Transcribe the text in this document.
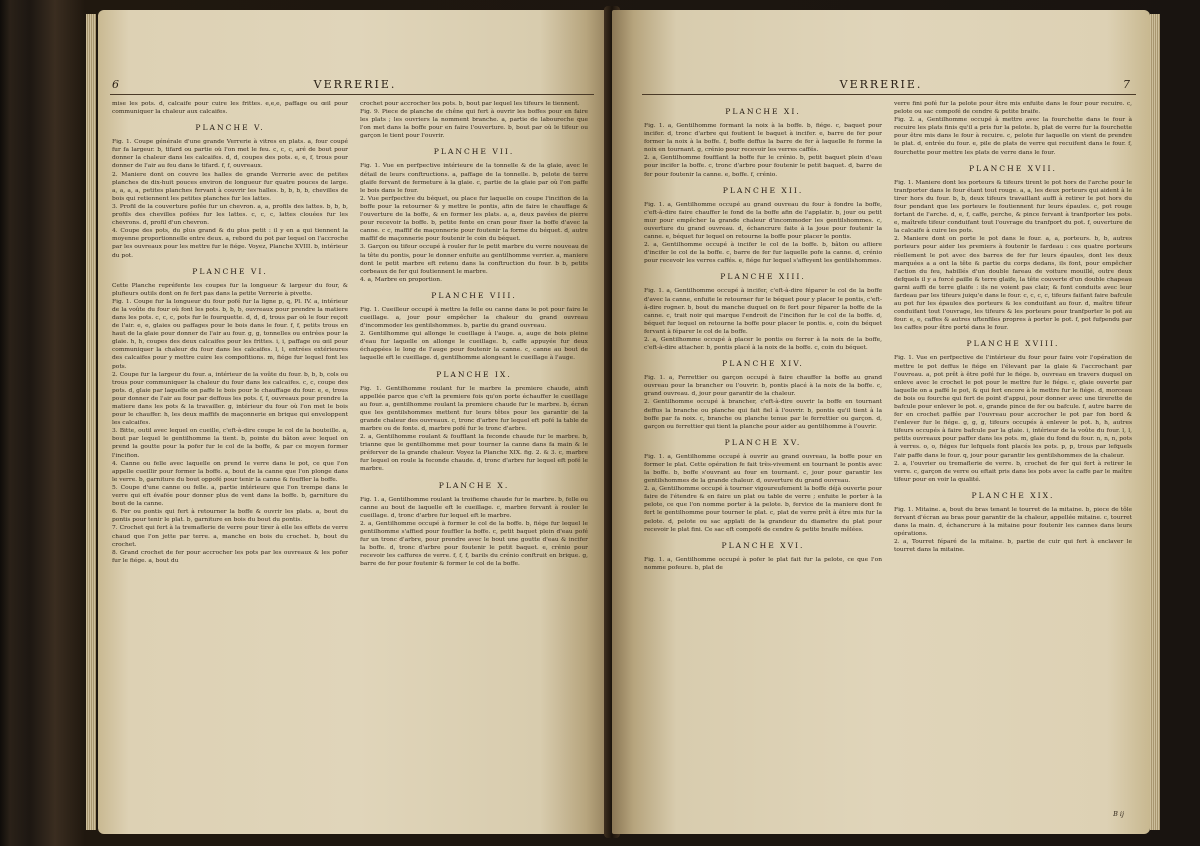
6	VERRERIE.

mise les pots. d, calcaife pour cuire les frittes. e,e,e, paffage ou œil pour communiquer la chaleur aux calcaifes.

PLANCHE V.

Fig. 1. Coupe générale d'une grande Verrerie à vitres en plats. a, four coupé fur fa largeur. b, tifard ou partie où l'on met le feu. c, c, c, aré de bout pour donner la chaleur dans les calcaifes. d, d, coupes des pots. e, e, f, trous pour donner de l'air au feu dans le tifard. f, f, ouvreaux.

2. Maniere dont on couvre les halles de grande Verrerie avec de petites planches de dix-huit pouces environ de longueur fur quatre pouces de large. a, a, a, a, petites planches fervant à couvrir les halles. b, b, b, b, chevilles de bois qui retiennent les petites planches fur les lattes.

3. Profil de la couverture pofée fur un chevron. a, a, profils des lattes. b, b, b, profils des chevilles pofées fur les lattes. c, c, c, lattes clouées fur les chevrons. d, profil d'un chevron.

4. Coupe des pots, du plus grand & du plus petit : il y en a qui tiennent la moyenne proportionnelle entre deux. a, rebord du pot par lequel on l'accroche par les ouvreaux pour les mettre fur le fiége. Voyez, Planche XVIII. b, intérieur du pot.

PLANCHE VI.

Cette Planche repréfente les coupes fur la longueur & largeur du four, & plufieurs outils dont on fe fert pas dans la petite Verrerie à pivette.

Fig. 1. Coupe fur la longueur du four pofé fur la ligne p, q, Pl. IV. a, intérieur de la voûte du four où font les pots. b, b, b, ouvreaux pour prendre la matiere dans les pots. c, c, c, pots fur le fourquette. d, d, d, trous par où le four reçoit de l'air. e, e, glaies ou paffages pour le bois dans le four. f, f, petits trous en haut de la glaie pour donner de l'air au four. g, g, tonnelles ou entrées pour la glaie. h, h, coupes des deux calcaifes pour les frittes. i, i, paffage ou œil pour communiquer la chaleur du four dans les calcaifes. l, l, entrées extérieures des calcaifes pour y mettre cuire les compofitions. m, fiége fur lequel font les pots.

2. Coupe fur la largeur du four. a, intérieur de la voûte du four. b, b, b, cols ou trous pour communiquer la chaleur du four dans les calcaifes. c, c, coupe des pots. d, glaie par laquelle on paffe le bois pour le chauffage du four. e, e, trous pour donner de l'air au four par deffous les pots. f, f, ouvreaux pour prendre la matiere dans les pots & la travailler. g, intérieur du four où l'on met le bois pour le chauffer. h, les deux maffifs de maçonnerie en brique qui enveloppent les calcaifes.

3. Bitte, outil avec lequel on cueille, c'eft-à-dire coupe le col de la bouteille. a, bout par lequel le gentilhomme la tient. b, pointe du bâton avec lequel on prend la goutte pour la pofer fur le col de la boffe, & par ce moyen former l'incifion.

4. Canne ou felle avec laquelle on prend le verre dans le pot, ce que l'on appelle cueillir pour former la boffe. a, bout de la canne que l'on plonge dans le verre. b, garniture du bout oppofé pour tenir la canne & fouffler la boffe.

5. Coupe d'une canne ou felle. a, partie intérieure que l'on trempe dans le verre qui eft évafée pour donner plus de vent dans la boffe. b, garniture du bout de la canne.

6. Fer ou pontis qui fert à retourner la boffe & ouvrir les plats. a, bout du pontis pour tenir le plat. b, garniture en bois du bout du pontis.

7. Crochet qui fert à la tremaflerie de verre pour tirer à elle les effets de verre chaud que l'on jette par terre. a, manche en bois du crochet. b, bout du crochet.

8. Grand crochet de fer pour accrocher les pots par les ouvreaux & les pofer fur le fiége. a, bout du

crochet pour accrocher les pots. b, bout par lequel les tifeurs le tiennent.

Fig. 9. Piece de planche de chêne qui fert à ouvrir les boffes pour en faire les plats ; les ouvriers la nomment branche. a, partie de laboureche que l'on met dans la boffe pour en faire l'ouverture. b, bout par où le tifeur ou garçon le tient pour l'ouvrir.

PLANCHE VII.

Fig. 1. Vue en perfpective intérieure de la tonnelle & de la glaie, avec le détail de leurs conftructions. a, paffage de la tonnelle. b, pelote de terre glaife fervant de fermeture à la glaie. c, partie de la glaie par où l'on paffe le bois dans le four.

2. Vue perfpective du béquet, ou place fur laquelle on coupe l'incifion de la boffe pour la retourner & y mettre le pontis, afin de faire le chauffage & l'ouverture de la boffe, & en former les plats. a, a, deux pavées de pierre pour recevoir la boffe. b, petite fente en cran pour fixer la boffe d'avec la canne. c c, maffif de maçonnerie pour foutenir la forme du béquet. d, autre maffif de maçonnerie pour foutenir le coin du béquet.

3. Garçon ou tifeur occupé à rouler fur le petit marbre du verre nouveau de la tête du pontis, pour le donner enfuite au gentilhomme verrier. a, maniere dont le petit marbre eft retenu dans la conftruction du four. b b, petits corbeaux de fer qui foutiennent le marbre.

4. a, Marbre en proportion.

PLANCHE VIII.

Fig. 1. Cueilleur occupé à mettre la felle ou canne dans le pot pour faire le cueillage. a, jour pour empêcher la chaleur du grand ouvreau d'incommoder les gentilshommes. b, partie du grand ouvreau.

2. Gentilhomme qui allonge le cueillage à l'auge. a, auge de bois pleine d'eau fur laquelle on allonge le cueillage. b, caffe appuyée fur deux échappées le long de l'auge pour foutenir la canne. c, canne au bout de laquelle eft le cueillage. d, gentilhomme alongeant le cueillage à l'auge.

PLANCHE IX.

Fig. 1. Gentilhomme roulant fur le marbre la premiere chaude, ainfi appellée parce que c'eft la premiere fois qu'on porte échauffer le cueillage au four. a, gentilhomme roulant la premiere chaude fur le marbre. b, écran que les gentilshommes mettent fur leurs têtes pour les garantir de la grande chaleur des ouvreaux. c, tronc d'arbre fur lequel eft pofé la table de marbre ou de fonte. d, marbre pofé fur le tronc d'arbre.

2. a, Gentilhomme roulant & foufflant la feconde chaude fur le marbre. b, trianne que le gentilhomme met pour tourner la canne dans fa main & le préferver de la grande chaleur. Voyez la Planche XIX. fig. 2. & 3. c, marbre fur lequel on roule la feconde chaude. d, tronc d'arbre fur lequel eft pofé le marbre.

PLANCHE X.

Fig. 1. a, Gentilhomme roulant la troifieme chaude fur le marbre. b, felle ou canne au bout de laquelle eft le cueillage. c, marbre fervant à rouler le cueillage. d, tronc d'arbre fur lequel eft le marbre.

2. a, Gentilhomme occupé à former le col de la boffe. b, fiége fur lequel le gentilhomme s'affied pour fouffler la boffe. c, petit baquet plein d'eau pofé fur un tronc d'arbre, pour prendre avec le bout une goutte d'eau & incifer la boffe. d, tronc d'arbre pour foutenir le petit baquet. e, crénio pour recevoir les caffures de verre. f, f, f, barils du crénio conftruit en brique. g, barre de fer pour foutenir & former le col de la boffe.

VERRERIE.	7
PLANCHE XI.

Fig. 1. a, Gentilhomme formant la noix à la boffe. b, fiége. c, baquet pour incifer. d, tronc d'arbre qui foutient le baquet à incifer. e, barre de fer pour former la noix à la boffe. f, boffe deffus la barre de fer à laquelle fe forme la noix en tournant. g, crénio pour recevoir les verres caffés.

2. a, Gentilhomme foufflant la boffe fur le crénio. b, petit baquet plein d'eau pour incifer la boffe. c, tronc d'arbre pour foutenir le petit baquet. d, barre de fer pour foutenir la canne. e, boffe. f, crénio.

PLANCHE XII.

Fig. 1. a, Gentilhomme occupé au grand ouvreau du four à fondre la boffe, c'eft-à-dire faire chauffer le fond de la boffe afin de l'applatir. b, jour ou petit mur pour empêcher la grande chaleur d'incommoder les gentilshommes. c, ouverture du grand ouvreau. d, échancrure faite à la joue pour foutenir la canne. e, béquet fur lequel on retourne la boffe pour placer le pontis.

2. a, Gentilhomme occupé à incifer le col de la boffe. b, bâton ou afliere d'incifer le col de la boffe. c, barre de fer fur laquelle pofe la canne. d, crénio pour recevoir les verres caffés. e, fiége fur lequel s'affeyent les gentilshommes.

PLANCHE XIII.

Fig. 1. a, Gentilhomme occupé à incifer, c'eft-à-dire féparer le col de la boffe d'avec la canne, enfuite le retourner fur le béquet pour y placer le pontis, c'eft-à-dire rogner. b, bout du manche duquel on fe fert pour féparer la boffe de la canne. c, trait noir qui marque l'endroit de l'incifion fur le col de la boffe. d, béquet fur lequel on retourne la boffe pour placer le pontis. e, coin du béquet fervant à féparer le col de la boffe.

2. a, Gentilhomme occupé à placer le pontis ou ferrer à la noix de la boffe, c'eft-à-dire attacher. b, pontis placé à la noix de la boffe. c, coin du béquet.

PLANCHE XIV.

Fig. 1. a, Ferrettier ou garçon occupé à faire chauffer la boffe au grand ouvreau pour la brancher ou l'ouvrir. b, pontis placé à la noix de la boffe. c, grand ouvreau. d, jour pour garantir de la chaleur.

2. Gentilhomme occupé à brancher, c'eft-à-dire ouvrir la boffe en tournant deffus la branche ou planche qui fait fiel à l'ouvrir. b, pontis qu'il tient à la boffe par fa noix. c, branche ou planche tenue par le ferrettier ou garçon. d, garçon ou ferrettier qui tient la planche pour aider au gentilhomme à l'ouvrir.

PLANCHE XV.

Fig. 1. a, Gentilhomme occupé à ouvrir au grand ouvreau, la boffe pour en former le plat. Cette opération fe fait très-vivement en tournant le pontis avec la boffe. b, boffe s'ouvrant au four en tournant. c, jour pour garantir les gentilshommes de la grande chaleur. d, ouverture du grand ouvreau.

2. a, Gentilhomme occupé à tourner vigoureufement la boffe déjà ouverte pour faire de l'étendre & en faire un plat ou table de verre ; enfuite le porter à la pelote, ce que l'on nomme porter à la pelote. b, fervice de la maniere dont fe fert le gentilhomme pour tourner le plat. c, plat de verre prêt à être mis fur la pelote. d, pelote ou sac applati de la grandeur du diametre du plat pour recevoir le plat fini. Ce sac eft compofé de cendre & petite braife mêlées.

PLANCHE XVI.

Fig. 1. a, Gentilhomme occupé à pofer le plat fait fur la pelote, ce que l'on nomme pofeure. b, plat de

verre fini pofé fur la pelote pour être mis enfuite dans le four pour recuire. c, pelote ou sac compofé de cendre & petite braife.

Fig. 2. a, Gentilhomme occupé à mettre avec la fourchette dans le four à recuire les plats finis qu'il a pris fur la pelote. b, plat de verre fur la fourchette pour être mis dans le four à recuire. c, pelote fur laquelle on vient de prendre le plat. d, entrée du four. e, pile de plats de verre qui recuifent dans le four. f, fourchette pour mettre les plats de verre dans le four.

PLANCHE XVII.

Fig. 1. Maniere dont les porteurs & tifeurs tirent le pot hors de l'arche pour le tranfporter dans le four étant tout rouge. a, a, les deux porteurs qui aident à le tirer hors du four. b, b, deux tifeurs travaillant auffi à retirer le pot hors du four pendant que les porteurs le foutiennent fur leurs épaules. c, pot rouge fortant de l'arche. d, e, f, caffe, perche, & pince fervant à tranfporter les pots. e, maîtrefe tifeur conduifant tout l'ouvrage du tranfport du pot. f, ouverture de la calcaife à cuire les pots.

2. Maniere dont on porte le pot dans le four. a, a, porteurs. b, b, autres porteurs pour aider les premiers à foutenir le fardeau : ces quatre porteurs réellement le pot avec des barres de fer fur leurs épaules, dont les deux marquées a a ont la tête & partie du corps dedans, ils font, pour empêcher l'action du feu, habillés d'un double fareau de voiture mouillé, outre deux defquels il y a forcé paille & terre glaife, la tête couverte d'un double chapeau garni auffi de terre glaife : ils ne voient pas clair, & font conduits avec leur fardeau par les tifeurs juiqu'e dans le four. c, c, c, c, tifeurs faifant faire bafcule au pot fur les épaules des porteurs & les conduifant au four. d, maître tifeur conduifant tout l'ouvrage, les tifeurs & les porteurs pour tranfporter le pot au four. e, e, caffes & autres uftenfiles propres à porter le pot. f, pot fufpendu par les caffes pour être porté dans le four.

PLANCHE XVIII.

Fig. 1. Vue en perfpective de l'intérieur du four pour faire voir l'opération de mettre le pot deffus le fiége en l'élevant par la glaie & l'accrochant par l'ouvreau. a, pot prêt à être pofé fur le fiége. b, ouvreau en travers duquel on enleve avec le crochet le pot pour le mettre fur le fiége. c, glaie ouverte par laquelle on a paffé le pot, & qui fert encore à le mettre fur le fiége. d, morceau de bois ou fourche qui fert de point d'appui, pour donner avec une tirerette de bafcule pour enlever le pot. e, grande pince de fer ou bafcule. f, autre barre de fer en crochet paffée par l'ouvreau pour accrocher le pot par fon bord & l'enlever fur le fiége. g, g, g, tifeurs occupés à enlever le pot. h, h, autres tifeurs occupés à faire bafcule par la glaie. i, intérieur de la voûte du four. l, l, petits ouvreaux pour paffer dans les pots. m, glaie du fond du four. n, n, n, pots à verres. o, o, fiéges fur lefquels font placés les pots. p, p, trous par lefquels l'air paffe dans le four. q, jour pour garantir les gentilshommes de la chaleur.

2. a, l'ouvrier ou tremaflerie de verre. b, crochet de fer qui fert à retirer le verre. c, garçon de verre ou eftait pris dans les pots avec la caffe par le maître tifeur pour en voir la qualité.

PLANCHE XIX.

Fig. 1. Mitaine. a, bout du bras tenant le tourret de la mitaine. b, piece de tôle fervant d'écran au bras pour garantir de la chaleur, appellée mitaine. c, tourret dans la main. d, échancrure à la mitaine pour foutenir les cannes dans leurs opérations.

2. a, Tourret féparé de la mitaine. b, partie de cuir qui fert à enclaver le tourret dans la mitaine.

B ij
